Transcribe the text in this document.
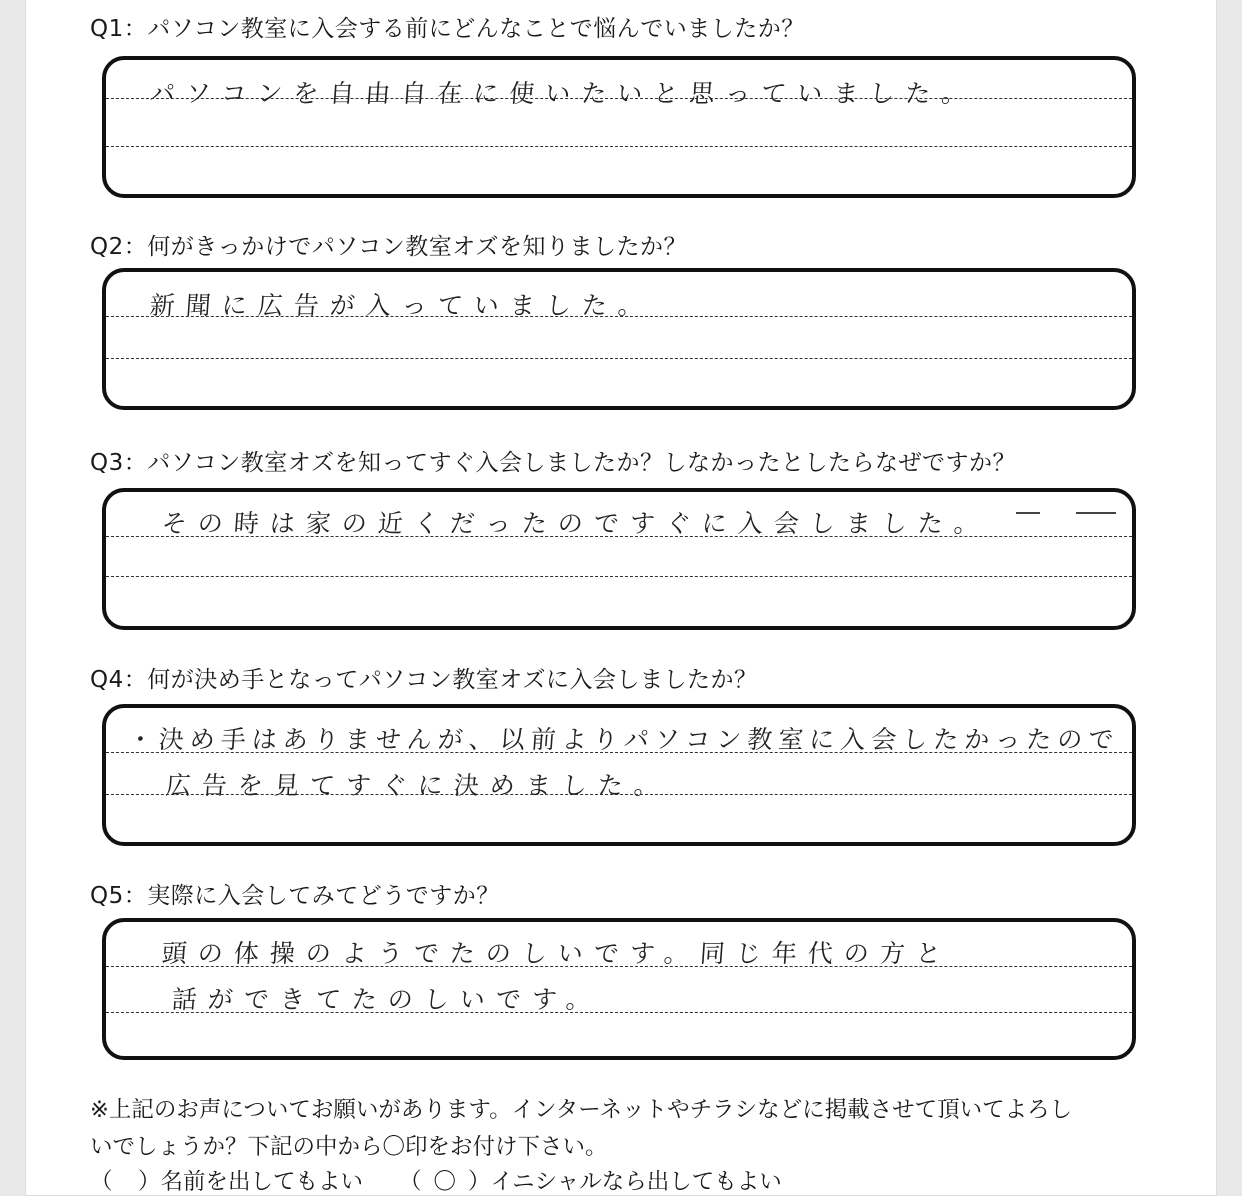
Q1：パソコン教室に入会する前にどんなことで悩んでいましたか？
パソコンを自由自在に使いたいと思っていました。
Q2：何がきっかけでパソコン教室オズを知りましたか？
新聞に広告が入っていました。
Q3：パソコン教室オズを知ってすぐ入会しましたか？しなかったとしたらなぜですか？
その時は家の近くだったのですぐに入会しました。
Q4：何が決め手となってパソコン教室オズに入会しましたか？
・決め手はありませんが、以前よりパソコン教室に入会したかったので
広告を見てすぐに決めました。
Q5：実際に入会してみてどうですか？
頭の体操のようでたのしいです。同じ年代の方と
話ができてたのしいです。
※上記のお声についてお願いがあります。インターネットやチラシなどに掲載させて頂いてよろし
いでしょうか？下記の中から〇印をお付け下さい。
（ ）名前を出してもよい （ 〇 ）イニシャルなら出してもよい
